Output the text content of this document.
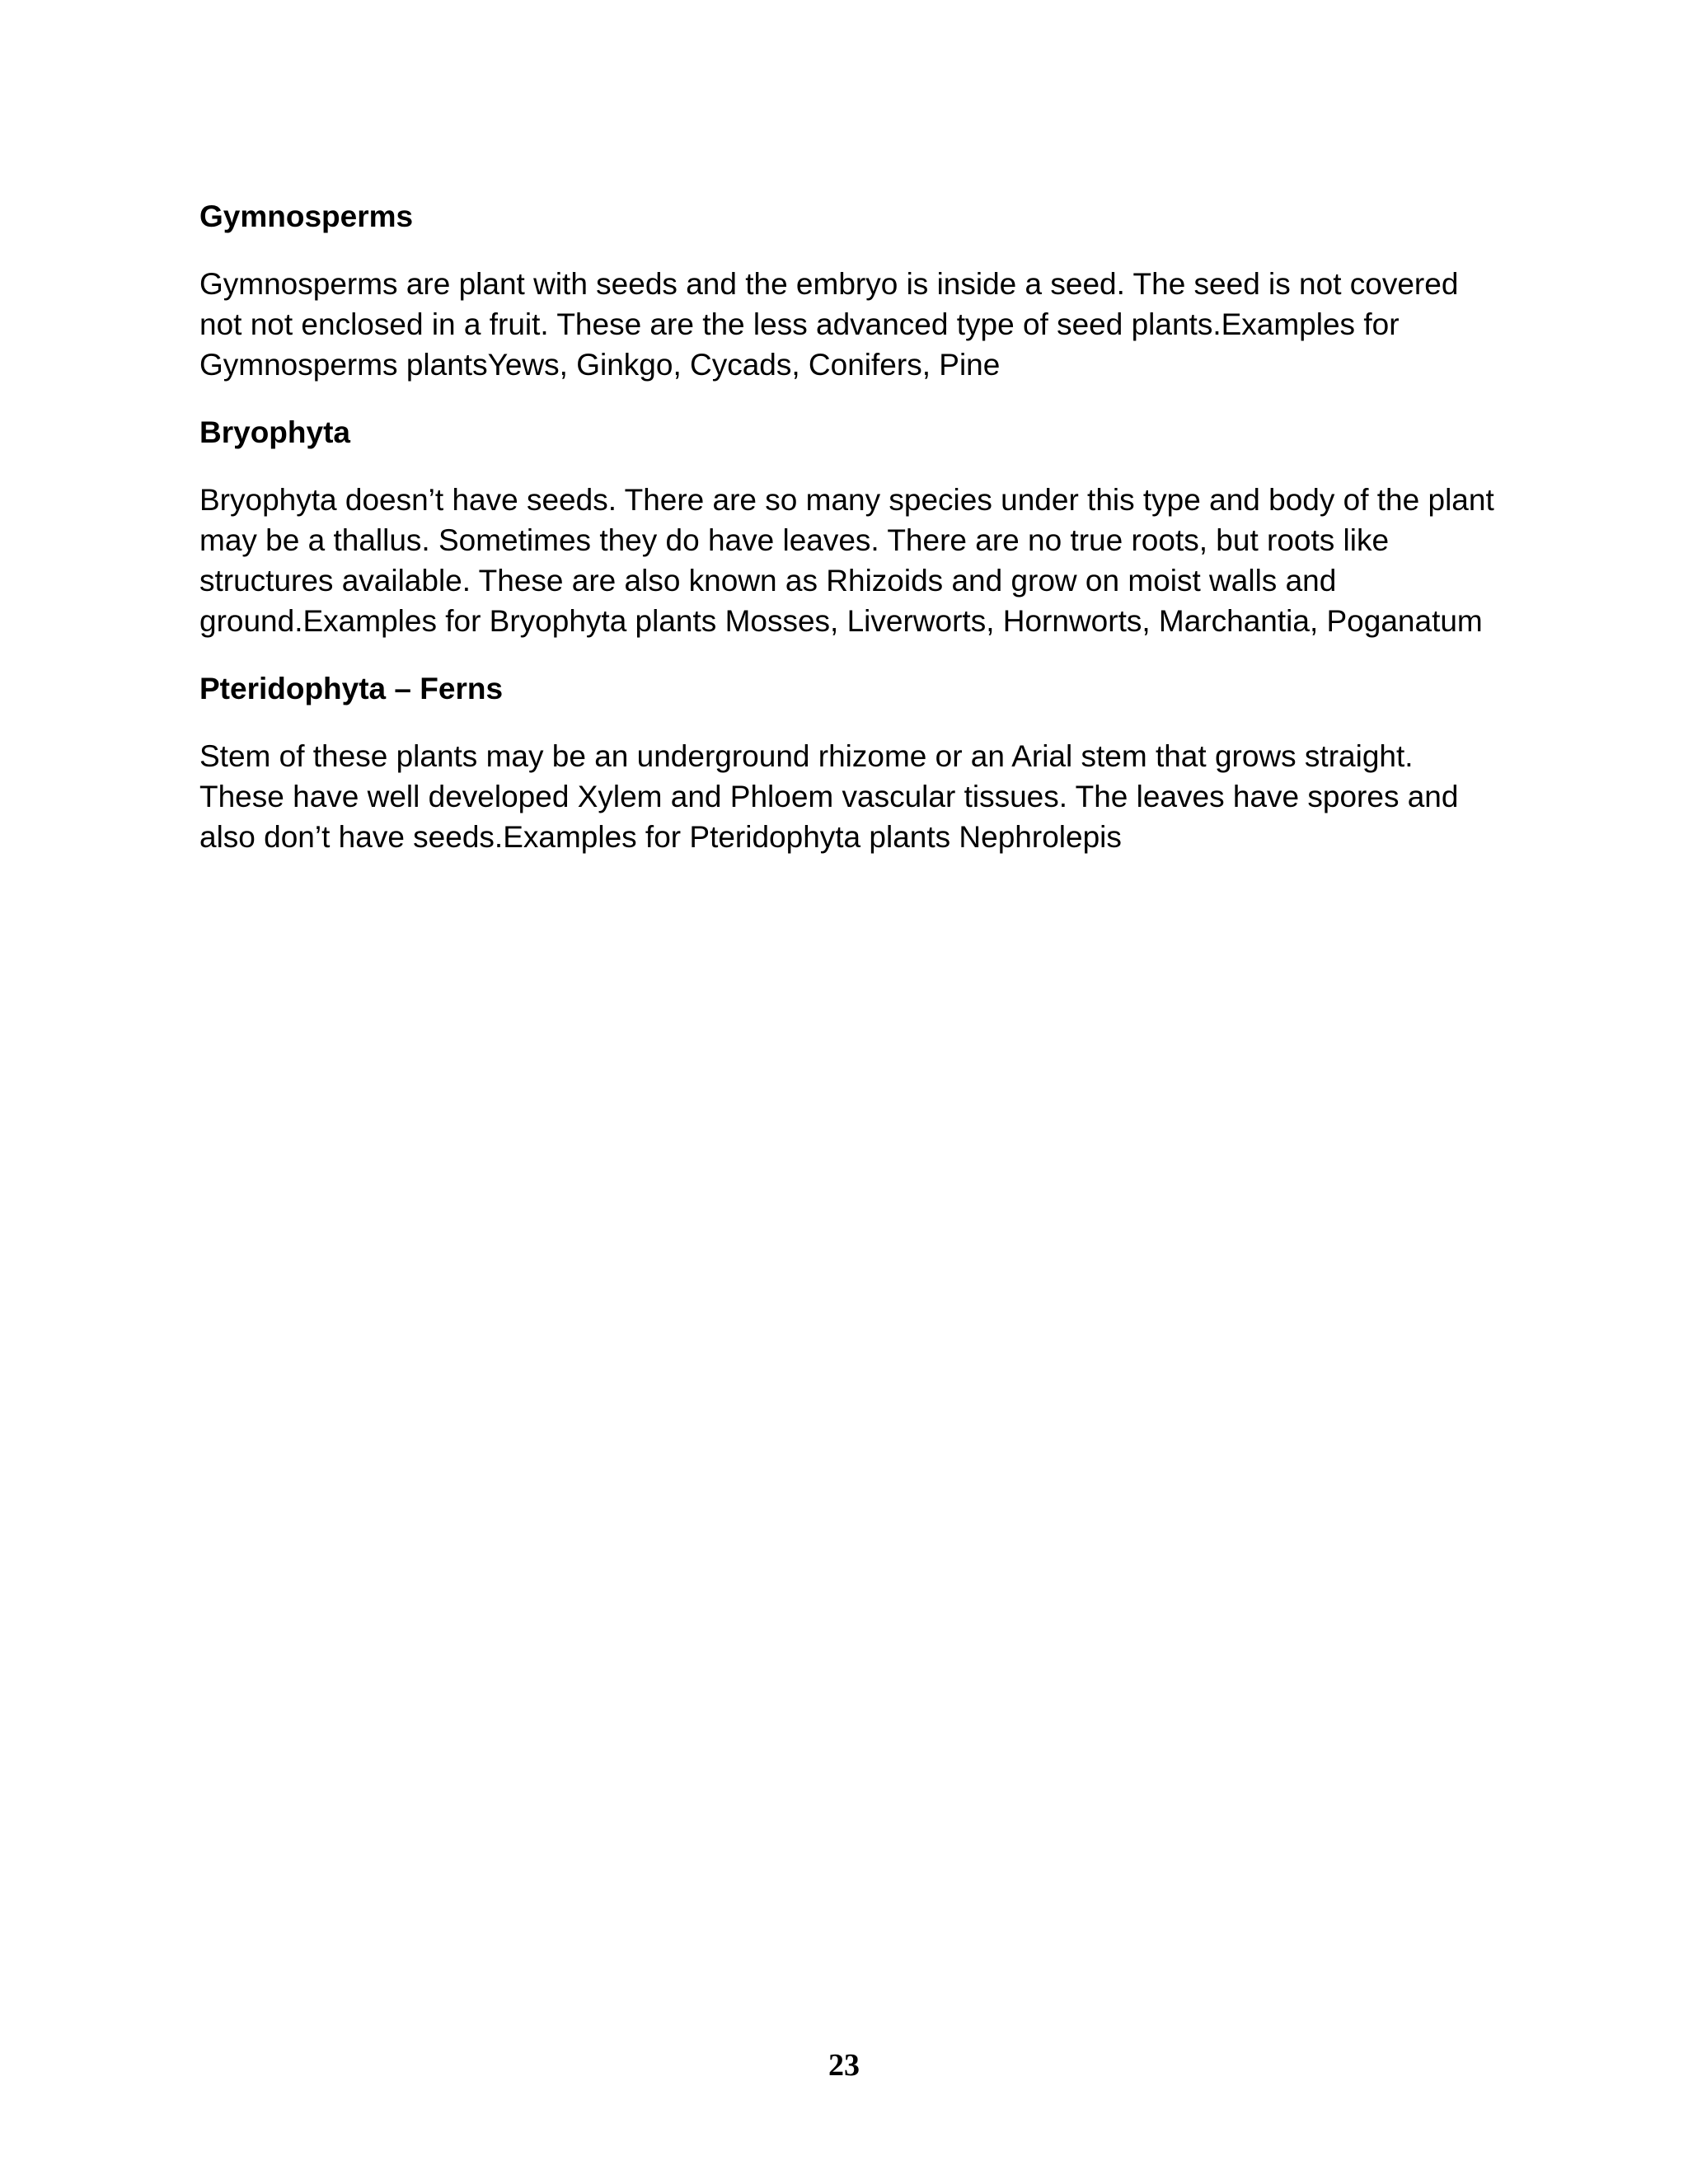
Gymnosperms

Gymnosperms are plant with seeds and the embryo is inside a seed. The seed is not covered
not not enclosed in a fruit. These are the less advanced type of seed plants.Examples for
Gymnosperms plantsYews, Ginkgo, Cycads, Conifers, Pine

Bryophyta

Bryophyta doesn’t have seeds. There are so many species under this type and body of the plant
may be a thallus. Sometimes they do have leaves. There are no true roots, but roots like
structures available. These are also known as Rhizoids and grow on moist walls and
ground.Examples for Bryophyta plants Mosses, Liverworts, Hornworts, Marchantia, Poganatum

Pteridophyta – Ferns

Stem of these plants may be an underground rhizome or an Arial stem that grows straight.
These have well developed Xylem and Phloem vascular tissues. The leaves have spores and
also don’t have seeds.Examples for Pteridophyta plants Nephrolepis

23
